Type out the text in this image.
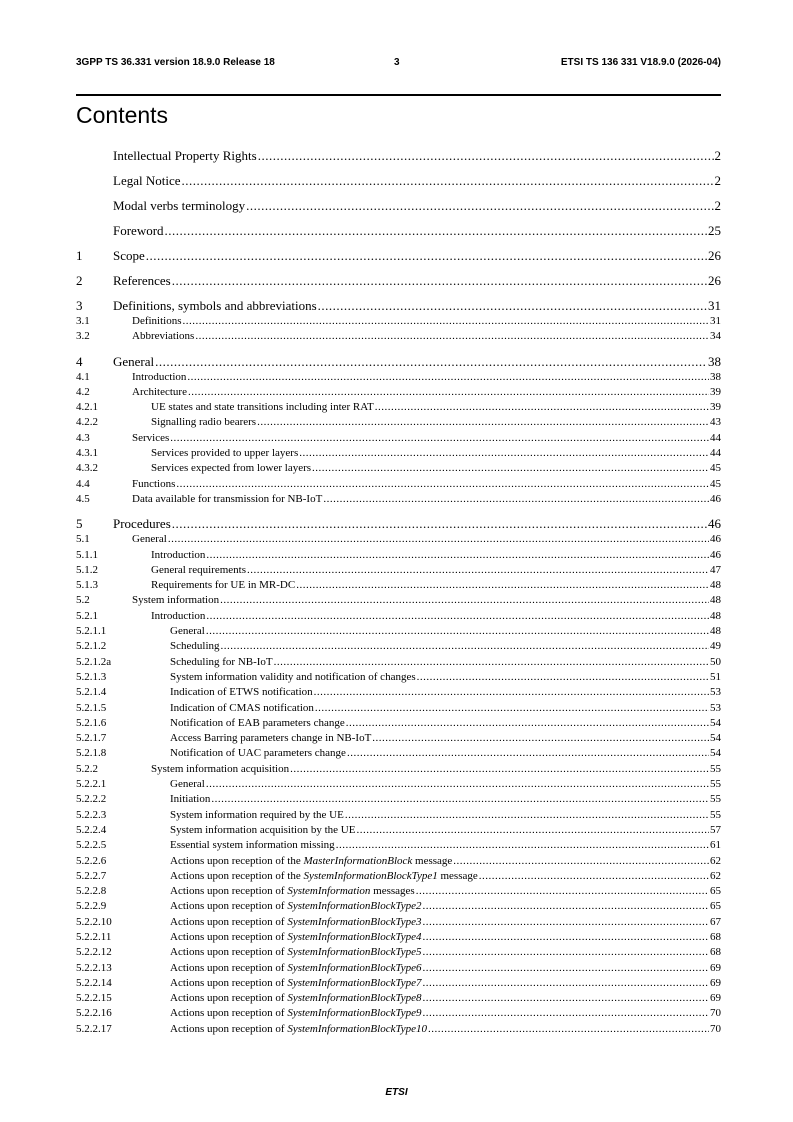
3GPP TS 36.331 version 18.9.0 Release 18	3	ETSI TS 136 331 V18.9.0 (2026-04)
Contents
Intellectual Property Rights .....	2
Legal Notice .....	2
Modal verbs terminology .....	2
Foreword .....	25
1	Scope .....	26
2	References .....	26
3	Definitions, symbols and abbreviations .....	31
3.1	Definitions .....	31
3.2	Abbreviations .....	34
4	General .....	38
4.1	Introduction .....	38
4.2	Architecture .....	39
4.2.1	UE states and state transitions including inter RAT .....	39
4.2.2	Signalling radio bearers .....	43
4.3	Services .....	44
4.3.1	Services provided to upper layers .....	44
4.3.2	Services expected from lower layers .....	45
4.4	Functions .....	45
4.5	Data available for transmission for NB-IoT .....	46
5	Procedures .....	46
5.1	General .....	46
5.1.1	Introduction .....	46
5.1.2	General requirements .....	47
5.1.3	Requirements for UE in MR-DC .....	48
5.2	System information .....	48
5.2.1	Introduction .....	48
5.2.1.1	General .....	48
5.2.1.2	Scheduling .....	49
5.2.1.2a	Scheduling for NB-IoT .....	50
5.2.1.3	System information validity and notification of changes .....	51
5.2.1.4	Indication of ETWS notification .....	53
5.2.1.5	Indication of CMAS notification .....	53
5.2.1.6	Notification of EAB parameters change .....	54
5.2.1.7	Access Barring parameters change in NB-IoT .....	54
5.2.1.8	Notification of UAC parameters change .....	54
5.2.2	System information acquisition .....	55
5.2.2.1	General .....	55
5.2.2.2	Initiation .....	55
5.2.2.3	System information required by the UE .....	55
5.2.2.4	System information acquisition by the UE .....	57
5.2.2.5	Essential system information missing .....	61
5.2.2.6	Actions upon reception of the MasterInformationBlock message .....	62
5.2.2.7	Actions upon reception of the SystemInformationBlockType1 message .....	62
5.2.2.8	Actions upon reception of SystemInformation messages .....	65
5.2.2.9	Actions upon reception of SystemInformationBlockType2 .....	65
5.2.2.10	Actions upon reception of SystemInformationBlockType3 .....	67
5.2.2.11	Actions upon reception of SystemInformationBlockType4 .....	68
5.2.2.12	Actions upon reception of SystemInformationBlockType5 .....	68
5.2.2.13	Actions upon reception of SystemInformationBlockType6 .....	69
5.2.2.14	Actions upon reception of SystemInformationBlockType7 .....	69
5.2.2.15	Actions upon reception of SystemInformationBlockType8 .....	69
5.2.2.16	Actions upon reception of SystemInformationBlockType9 .....	70
5.2.2.17	Actions upon reception of SystemInformationBlockType10 .....	70
ETSI
